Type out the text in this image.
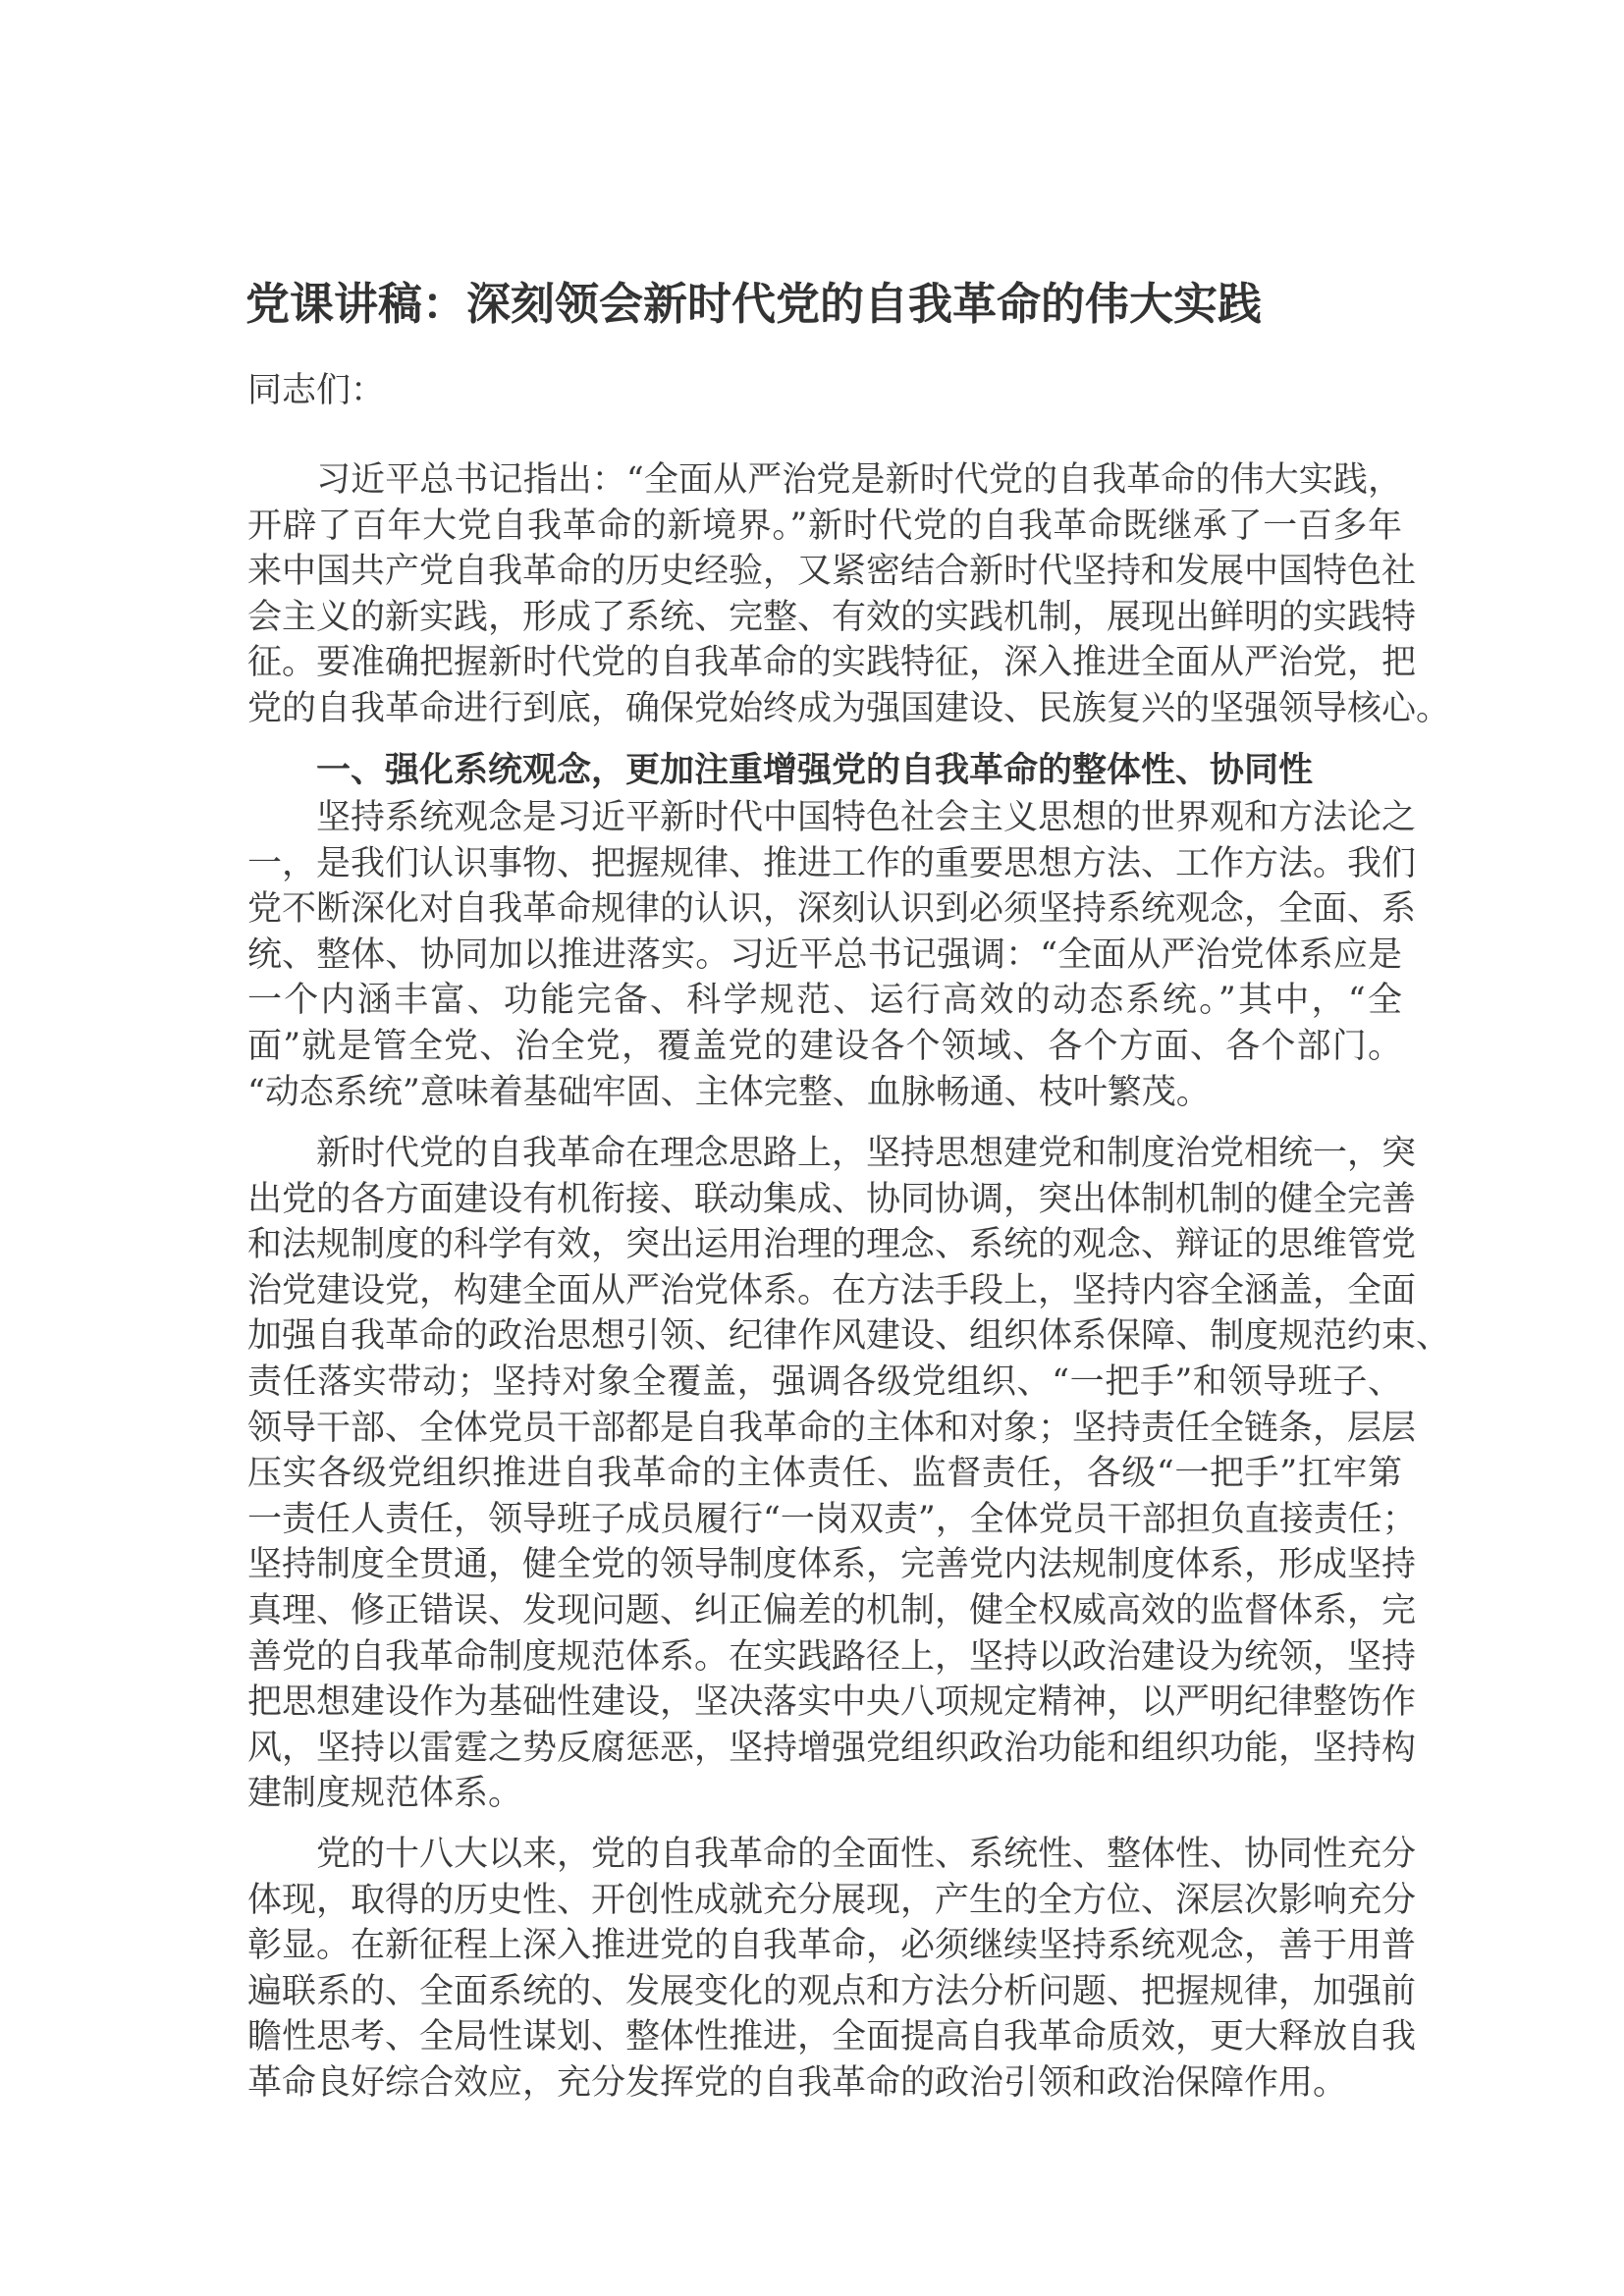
党课讲稿：深刻领会新时代党的自我革命的伟大实践
同志们：
习近平总书记指出：“全面从严治党是新时代党的自我革命的伟大实践，
开辟了百年大党自我革命的新境界。”新时代党的自我革命既继承了一百多年
来中国共产党自我革命的历史经验，又紧密结合新时代坚持和发展中国特色社
会主义的新实践，形成了系统、完整、有效的实践机制，展现出鲜明的实践特
征。要准确把握新时代党的自我革命的实践特征，深入推进全面从严治党，把
党的自我革命进行到底，确保党始终成为强国建设、民族复兴的坚强领导核心。
一、强化系统观念，更加注重增强党的自我革命的整体性、协同性
坚持系统观念是习近平新时代中国特色社会主义思想的世界观和方法论之
一，是我们认识事物、把握规律、推进工作的重要思想方法、工作方法。我们
党不断深化对自我革命规律的认识，深刻认识到必须坚持系统观念，全面、系
统、整体、协同加以推进落实。习近平总书记强调：“全面从严治党体系应是
一个内涵丰富、功能完备、科学规范、运行高效的动态系统。”其中，“全
面”就是管全党、治全党，覆盖党的建设各个领域、各个方面、各个部门。
“动态系统”意味着基础牢固、主体完整、血脉畅通、枝叶繁茂。
新时代党的自我革命在理念思路上，坚持思想建党和制度治党相统一，突
出党的各方面建设有机衔接、联动集成、协同协调，突出体制机制的健全完善
和法规制度的科学有效，突出运用治理的理念、系统的观念、辩证的思维管党
治党建设党，构建全面从严治党体系。在方法手段上，坚持内容全涵盖，全面
加强自我革命的政治思想引领、纪律作风建设、组织体系保障、制度规范约束、
责任落实带动；坚持对象全覆盖，强调各级党组织、“一把手”和领导班子、
领导干部、全体党员干部都是自我革命的主体和对象；坚持责任全链条，层层
压实各级党组织推进自我革命的主体责任、监督责任，各级“一把手”扛牢第
一责任人责任，领导班子成员履行“一岗双责”，全体党员干部担负直接责任；
坚持制度全贯通，健全党的领导制度体系，完善党内法规制度体系，形成坚持
真理、修正错误、发现问题、纠正偏差的机制，健全权威高效的监督体系，完
善党的自我革命制度规范体系。在实践路径上，坚持以政治建设为统领，坚持
把思想建设作为基础性建设，坚决落实中央八项规定精神，以严明纪律整饬作
风，坚持以雷霆之势反腐惩恶，坚持增强党组织政治功能和组织功能，坚持构
建制度规范体系。
党的十八大以来，党的自我革命的全面性、系统性、整体性、协同性充分
体现，取得的历史性、开创性成就充分展现，产生的全方位、深层次影响充分
彰显。在新征程上深入推进党的自我革命，必须继续坚持系统观念，善于用普
遍联系的、全面系统的、发展变化的观点和方法分析问题、把握规律，加强前
瞻性思考、全局性谋划、整体性推进，全面提高自我革命质效，更大释放自我
革命良好综合效应，充分发挥党的自我革命的政治引领和政治保障作用。
